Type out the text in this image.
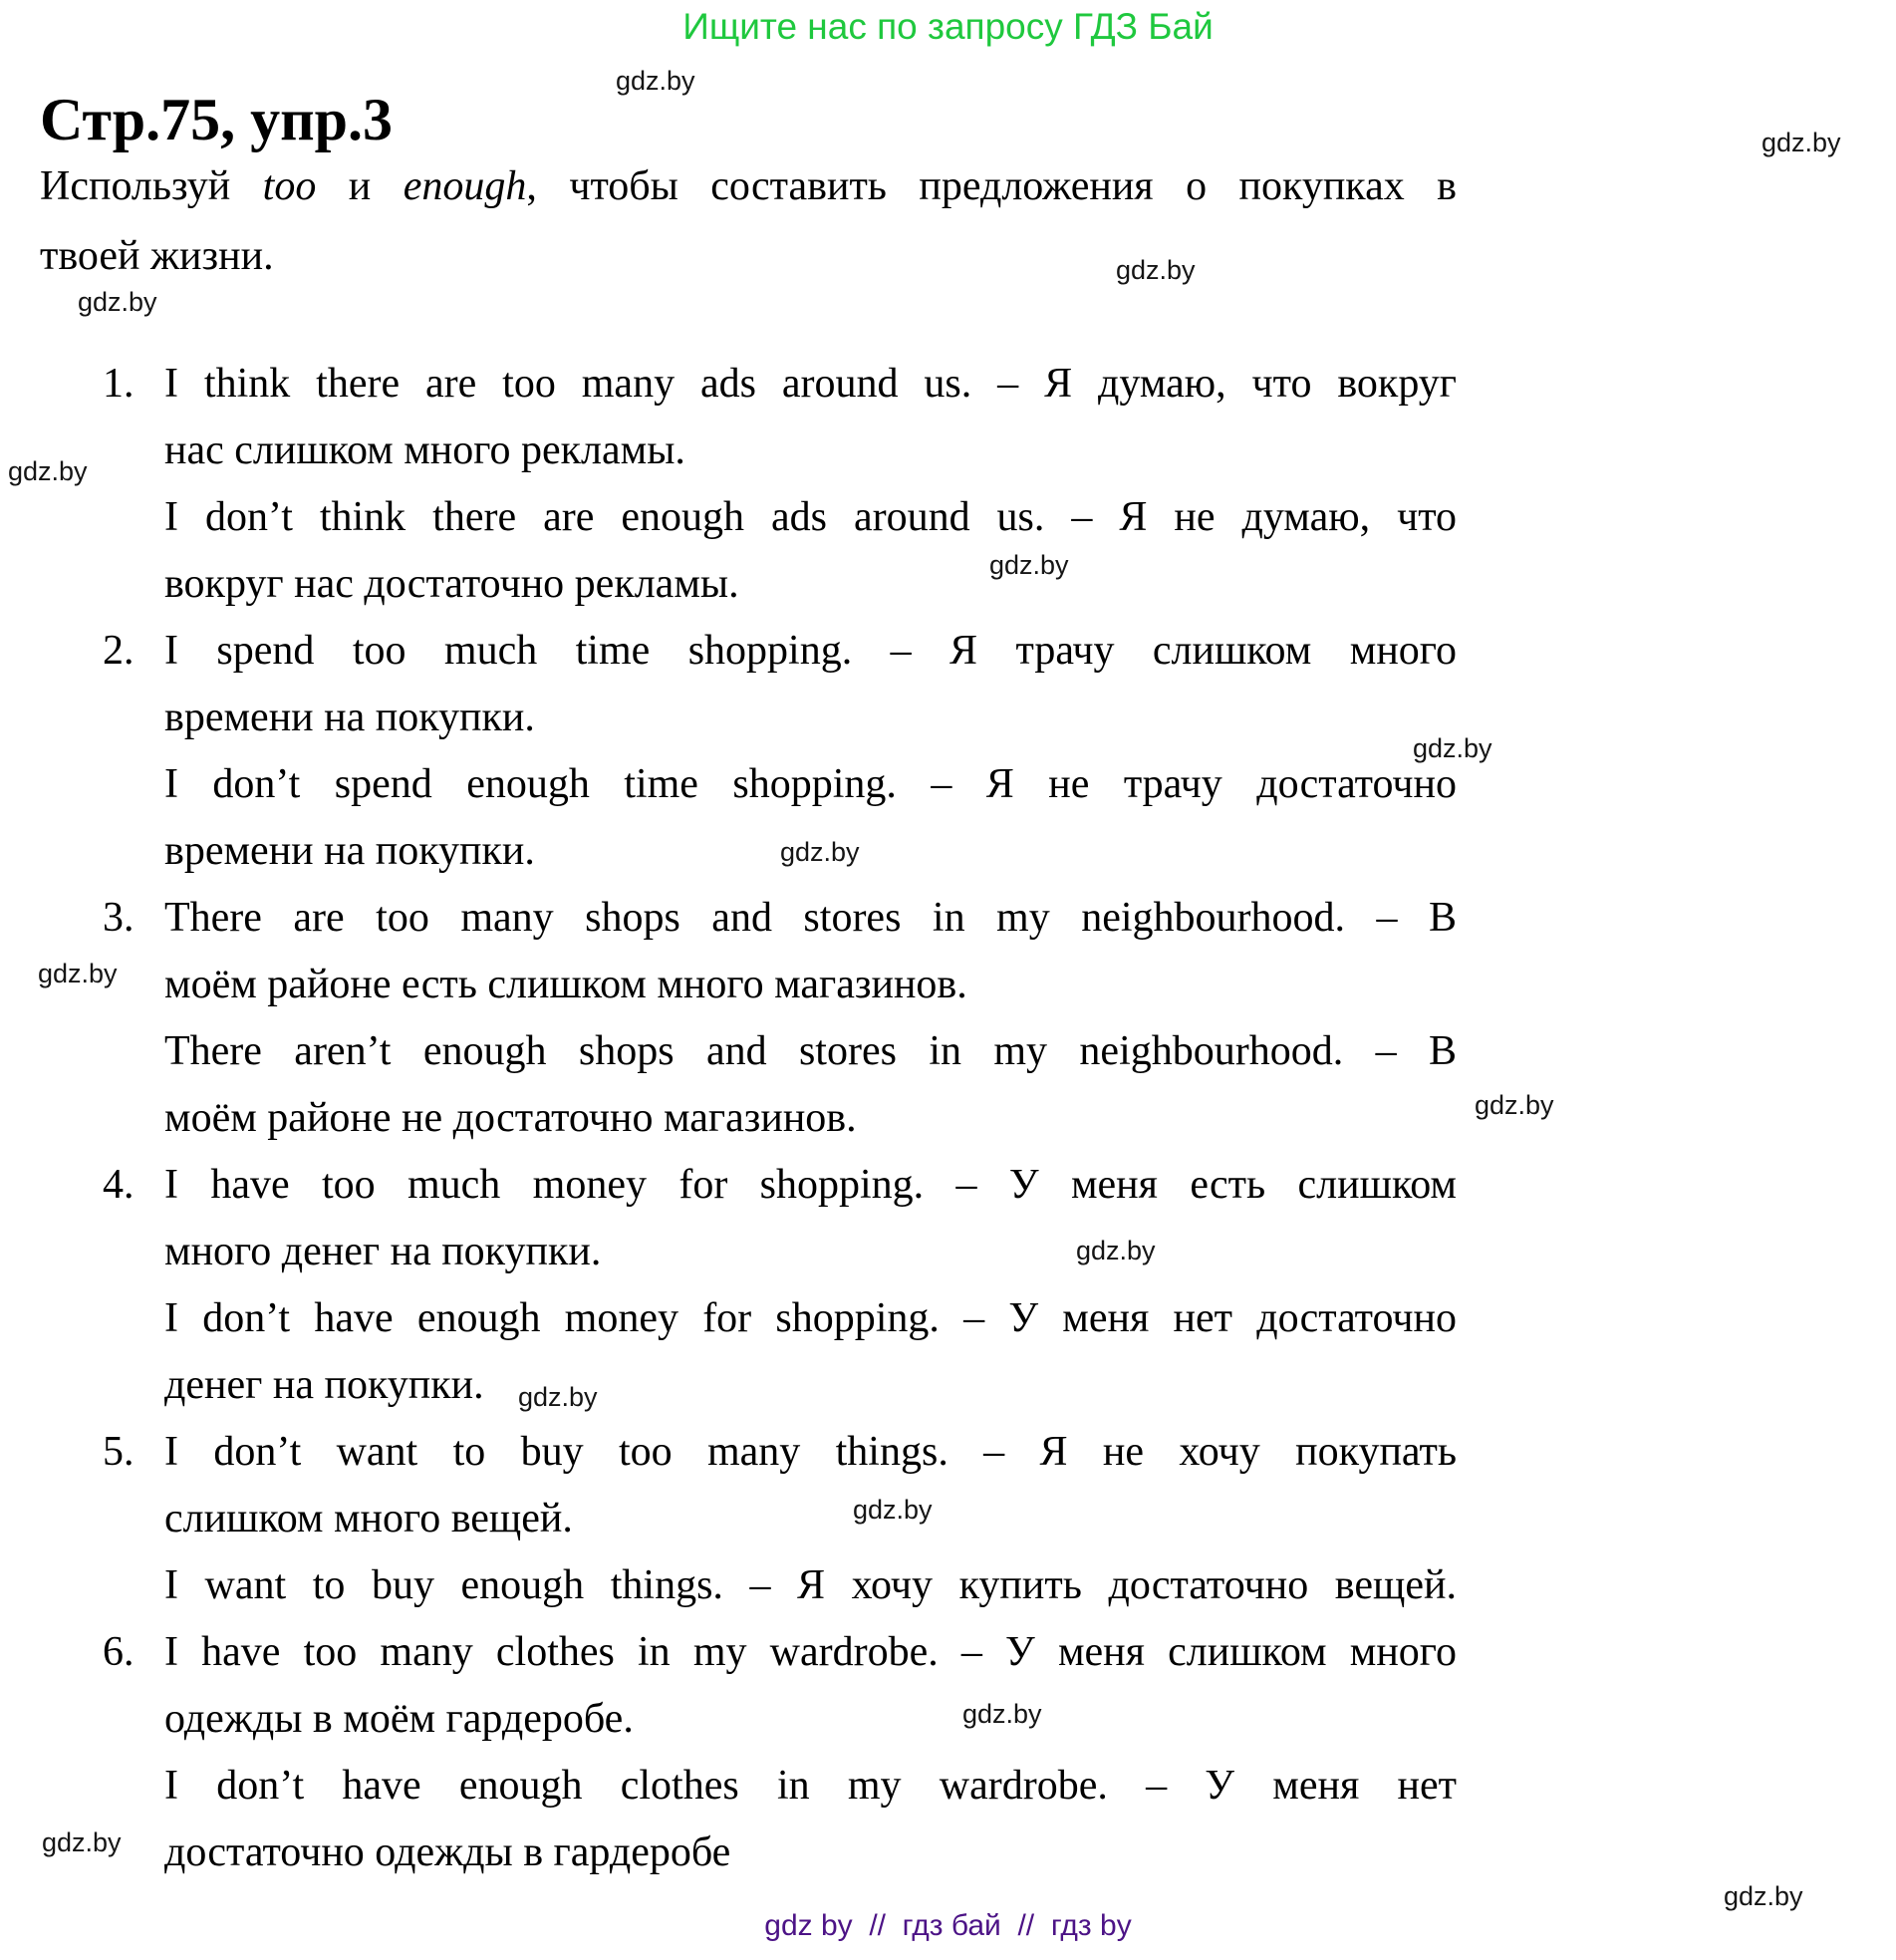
Ищите нас по запросу ГДЗ Бай
gdz.by
gdz.by
gdz.by
gdz.by
gdz.by
gdz.by
gdz.by
gdz.by
gdz.by
gdz.by
gdz.by
gdz.by
gdz.by
gdz.by
gdz.by
gdz.by
Стр.75, упр.3
Используй too и enough, чтобы составить предложения о покупках в
твоей жизни.
1. I think there are too many ads around us. – Я думаю, что вокруг
нас слишком много рекламы.
I don’t think there are enough ads around us. – Я не думаю, что
вокруг нас достаточно рекламы.
2. I spend too much time shopping. – Я трачу слишком много
времени на покупки.
I don’t spend enough time shopping. – Я не трачу достаточно
времени на покупки.
3. There are too many shops and stores in my neighbourhood. – В
моём районе есть слишком много магазинов.
There aren’t enough shops and stores in my neighbourhood. – В
моём районе не достаточно магазинов.
4. I have too much money for shopping. – У меня есть слишком
много денег на покупки.
I don’t have enough money for shopping. – У меня нет достаточно
денег на покупки.
5. I don’t want to buy too many things. – Я не хочу покупать
слишком много вещей.
I want to buy enough things. – Я хочу купить достаточно вещей.
6. I have too many clothes in my wardrobe. – У меня слишком много
одежды в моём гардеробе.
I don’t have enough clothes in my wardrobe. – У меня нет
достаточно одежды в гардеробе
gdz by  //  гдз бай  //  гдз by
